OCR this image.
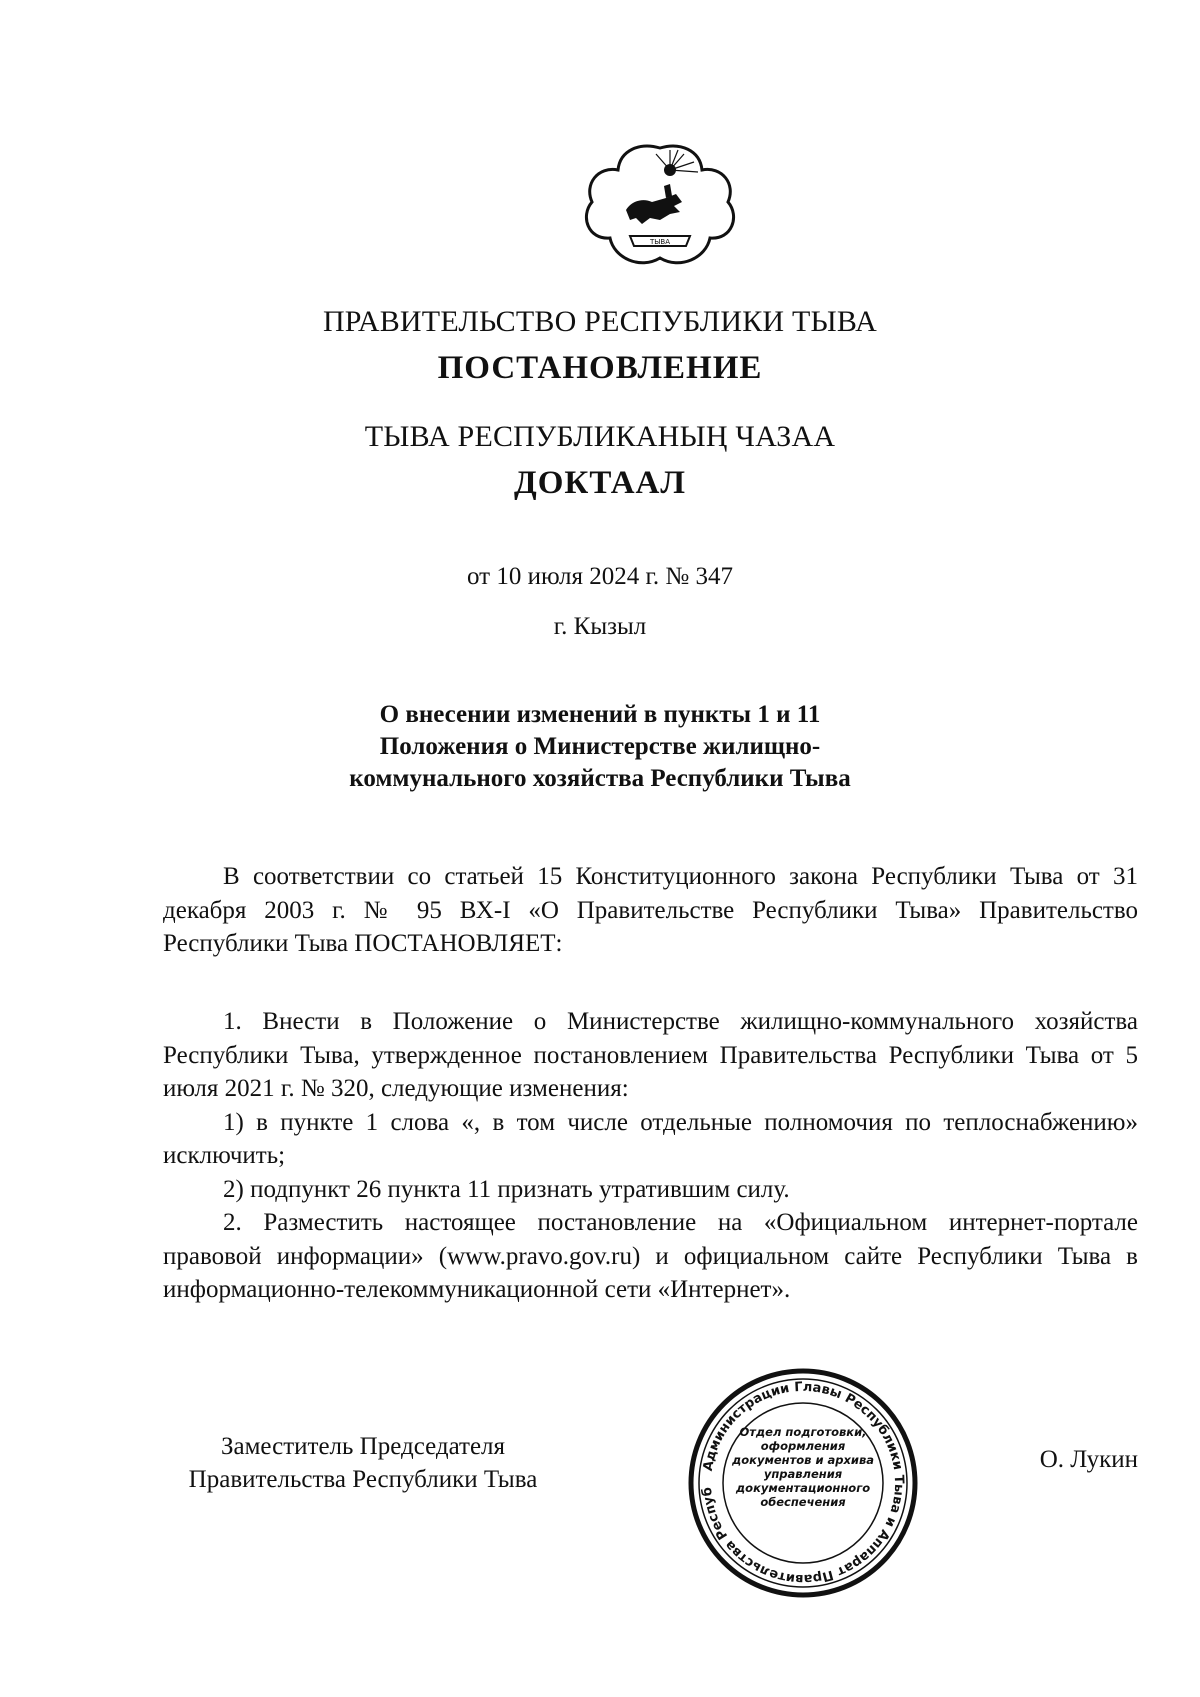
ТЫВА
ПРАВИТЕЛЬСТВО РЕСПУБЛИКИ ТЫВА
ПОСТАНОВЛЕНИЕ
ТЫВА РЕСПУБЛИКАНЫҢ ЧАЗАА
ДОКТААЛ
от 10 июля 2024 г. № 347
г. Кызыл
О внесении изменений в пункты 1 и 11
Положения о Министерстве жилищно-
коммунального хозяйства Республики Тыва

В соответствии со статьей 15 Конституционного закона Республики Тыва от 31 декабря 2003 г. № 95 ВХ-I «О Правительстве Республики Тыва» Правительство Республики Тыва ПОСТАНОВЛЯЕТ:

1. Внести в Положение о Министерстве жилищно-коммунального хозяйства Республики Тыва, утвержденное постановлением Правительства Республики Тыва от 5 июля 2021 г. № 320, следующие изменения:

1) в пункте 1 слова «, в том числе отдельные полномочия по теплоснабжению» исключить;

2) подпункт 26 пункта 11 признать утратившим силу.

2. Разместить настоящее постановление на «Официальном интернет-портале правовой информации» (www.pravo.gov.ru) и официальном сайте Республики Тыва в информационно-телекоммуникационной сети «Интернет».

Заместитель Председателя
Правительства Республики Тыва
О. Лукин
Администрации Главы Республики Тыва и Аппарат Правительства Респуб
Отдел подготовки, оформления документов и архива управления документационного обеспечения
